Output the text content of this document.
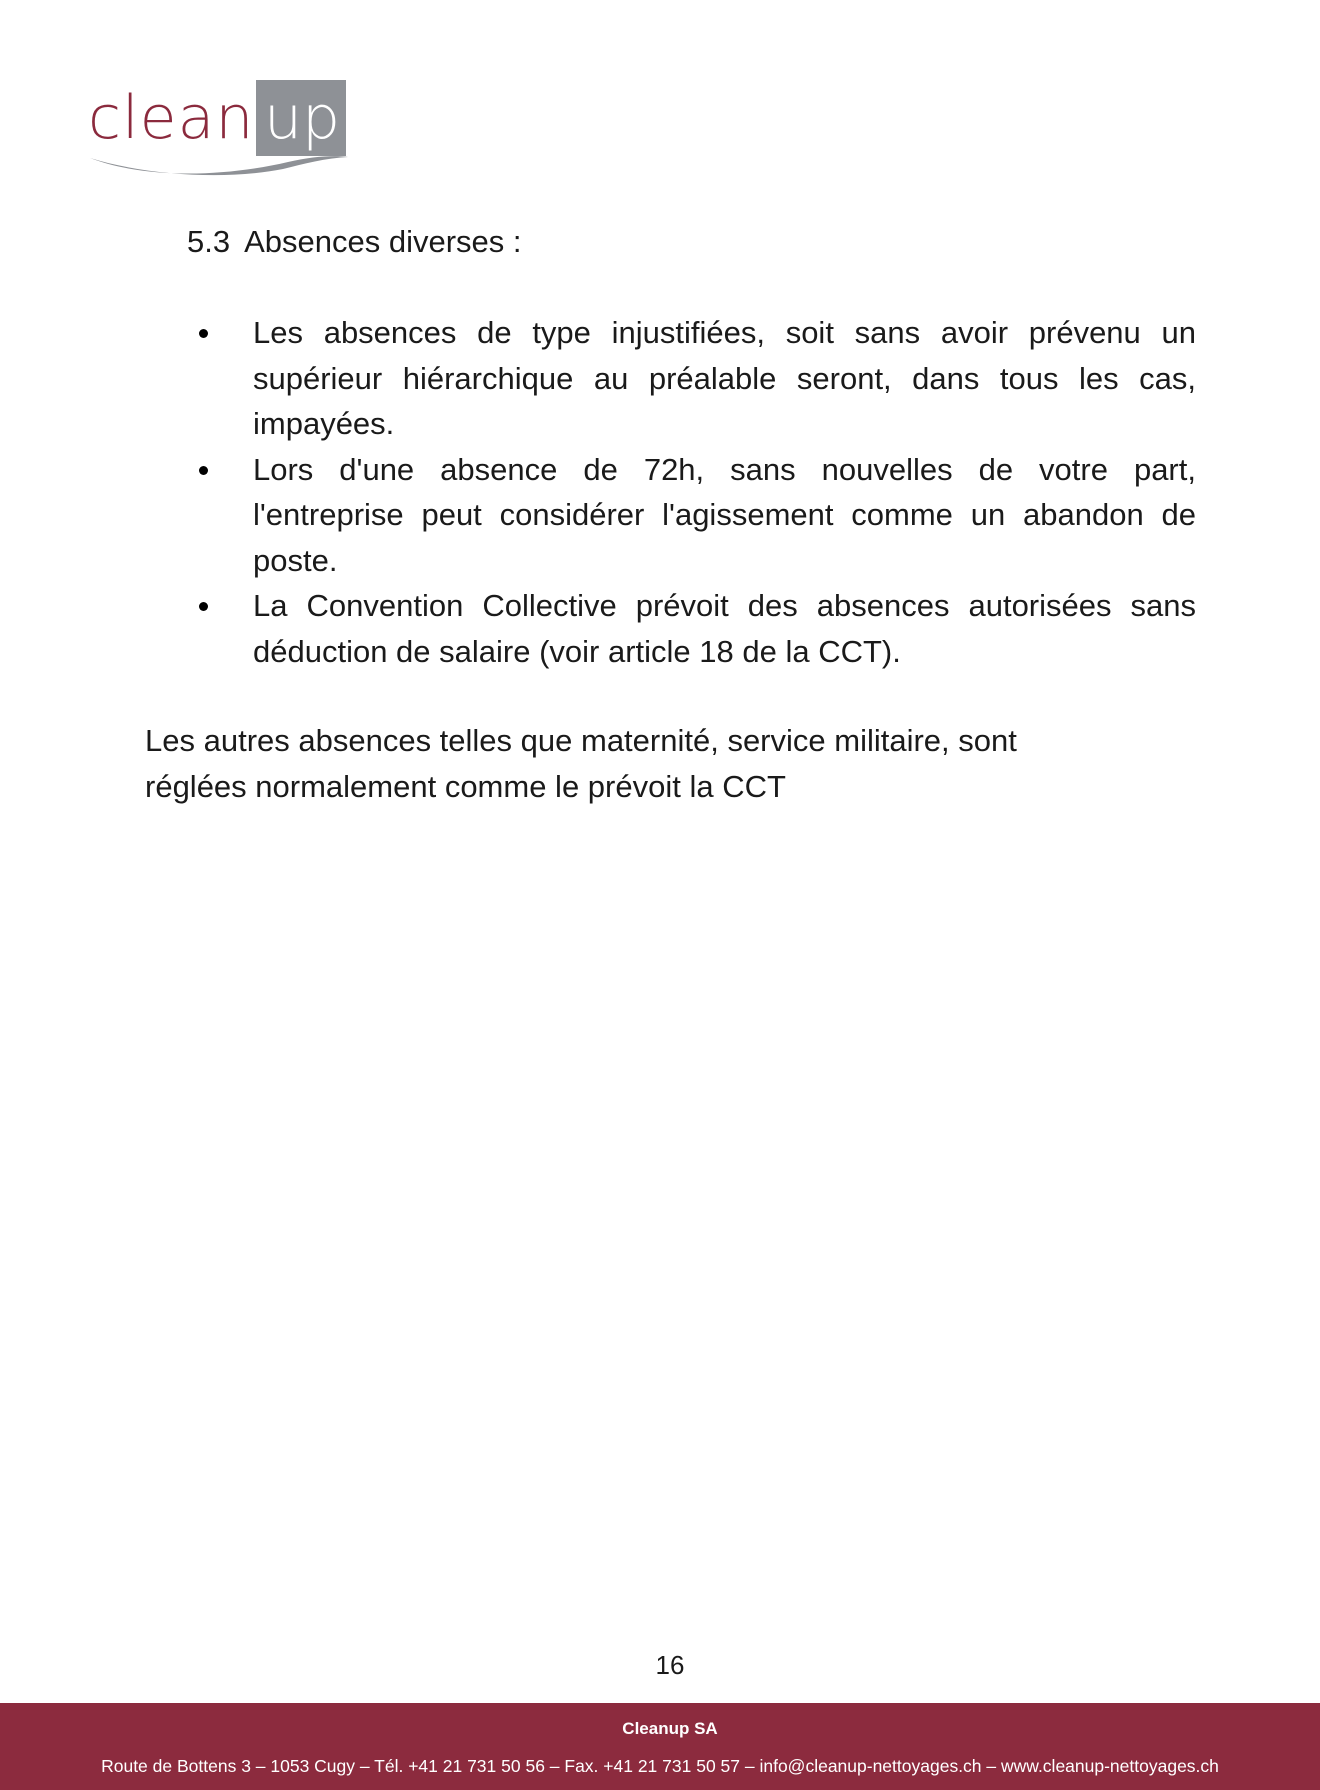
clean up
5.3 Absences diverses :
Les absences de type injustifiées, soit sans avoir prévenu un supérieur hiérarchique au préalable seront, dans tous les cas, impayées.
Lors d'une absence de 72h, sans nouvelles de votre part, l'entreprise peut considérer l'agissement comme un abandon de poste.
La Convention Collective prévoit des absences autorisées sans déduction de salaire (voir article 18 de la CCT).

Les autres absences telles que maternité, service militaire, sont
réglées normalement comme le prévoit la CCT

16
Cleanup SA
Route de Bottens 3 – 1053 Cugy – Tél. +41 21 731 50 56 – Fax. +41 21 731 50 57 – info@cleanup-nettoyages.ch – www.cleanup-nettoyages.ch
